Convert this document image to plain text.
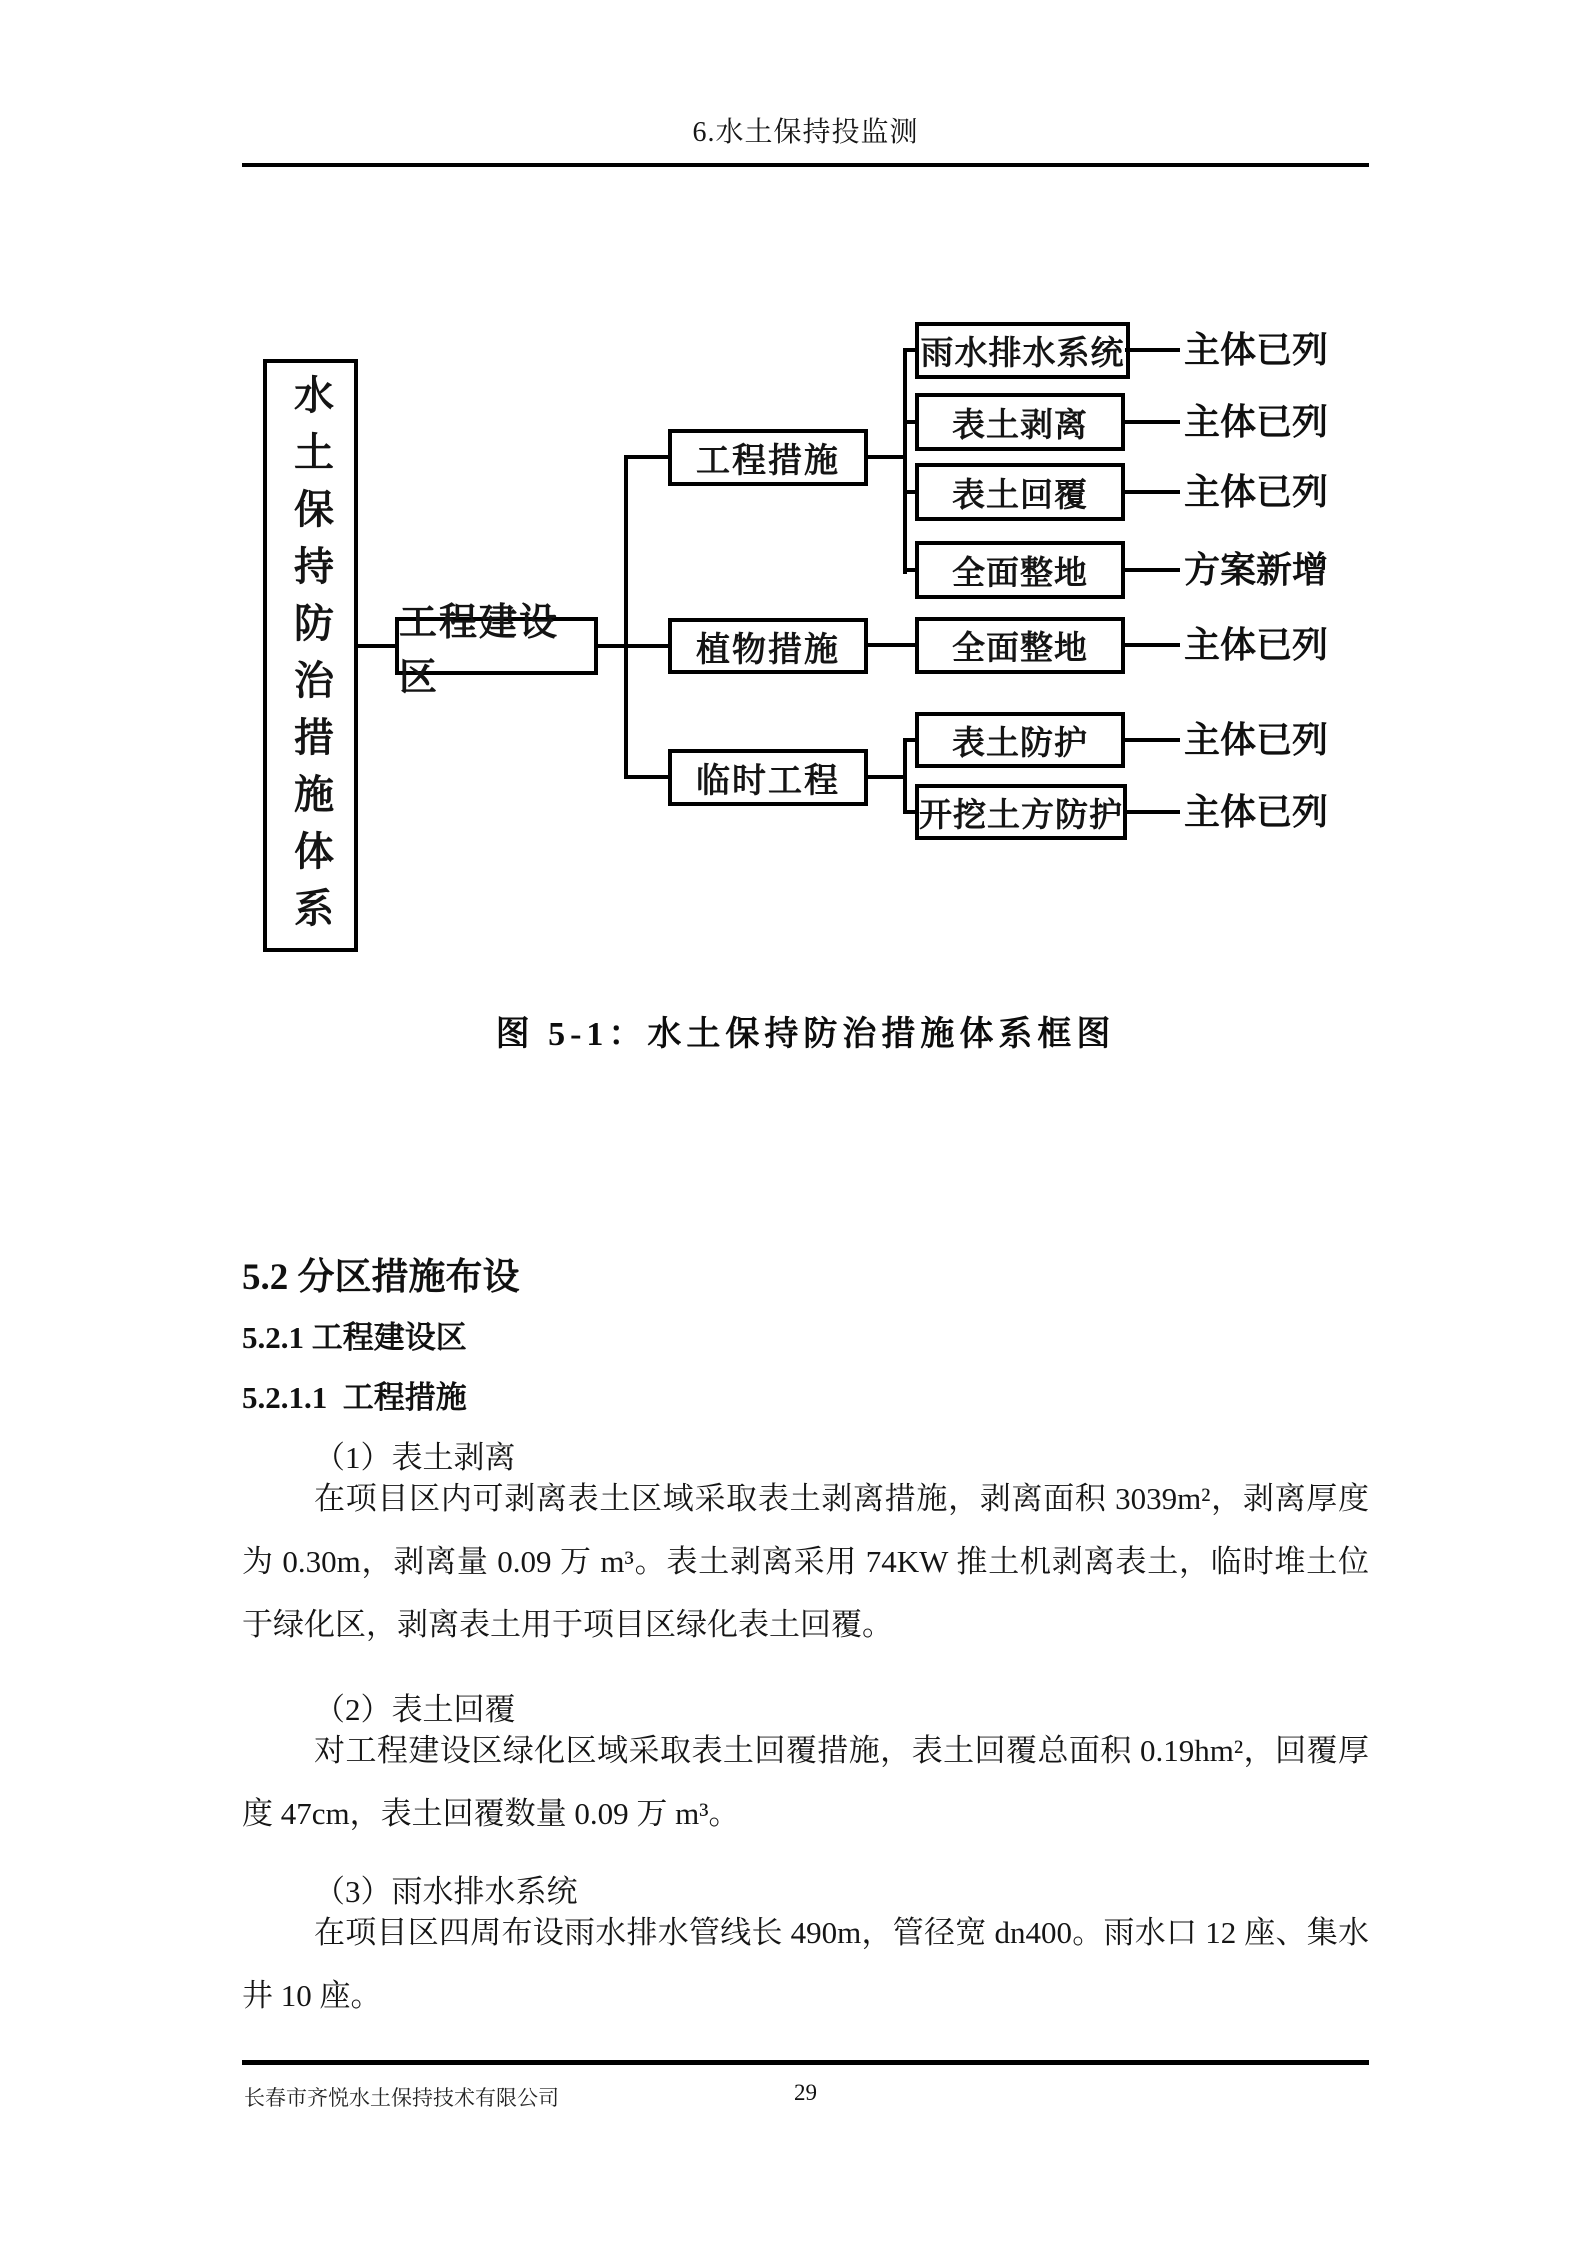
6.水土保持投监测
水土保持防治措施体系 工程建设区
工程措施
植物措施
临时工程
雨水排水系统
表土剥离
表土回覆
全面整地
全面整地
表土防护
开挖土方防护
主体已列
主体已列
主体已列
方案新增
主体已列
主体已列
主体已列
图 5-1：水土保持防治措施体系框图
5.2 分区措施布设
5.2.1 工程建设区
5.2.1.1  工程措施
（1）表土剥离
在项目区内可剥离表土区域采取表土剥离措施，剥离面积 3039m²，剥离厚度为 0.30m，剥离量 0.09 万 m³。表土剥离采用 74KW 推土机剥离表土，临时堆土位于绿化区，剥离表土用于项目区绿化表土回覆。
（2）表土回覆
对工程建设区绿化区域采取表土回覆措施，表土回覆总面积 0.19hm²，回覆厚度 47cm，表土回覆数量 0.09 万 m³。
（3）雨水排水系统
在项目区四周布设雨水排水管线长 490m，管径宽 dn400。雨水口 12 座、集水井 10 座。
长春市齐悦水土保持技术有限公司	29
